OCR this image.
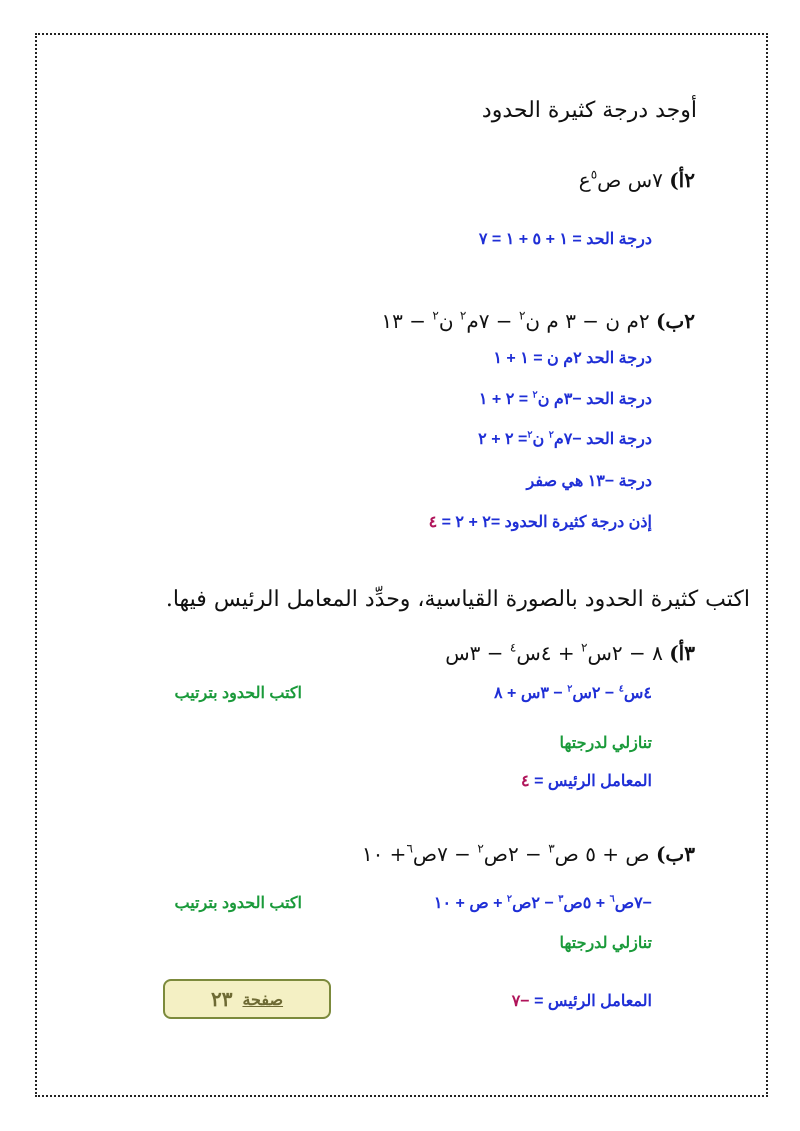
أوجد درجة كثيرة الحدود
٢أ) ٧س ص$^٥$ع
درجة الحد = ١ + ٥ + ١ = ٧
٢ب) ٢م ن − ٣ م ن$^٢$ − ٧م$^٢$ ن$^٢$ − ١٣
درجة الحد ٢م ن = ١ + ١
درجة الحد −٣م ن$^٢$ = ٢ + ١
درجة الحد −٧م$^٢$ ن$^٢$= ٢ + ٢
درجة −١٣ هي صفر
إذن درجة كثيرة الحدود =٢ + ٢ = ٤
اكتب كثيرة الحدود بالصورة القياسية، وحدِّد المعامل الرئيس فيها.
٣أ) ٨ − ٢س$^٢$ + ٤س$^٤$ − ٣س
٤س$^٤$ − ٢س$^٢$ − ٣س + ٨
اكتب الحدود بترتيب
تنازلي لدرجتها
المعامل الرئيس = ٤
٣ب) ص + ٥ ص$^٣$ − ٢ص$^٢$ − ٧ص$^٦$+ ١٠
−٧ص$^٦$ + ٥ص$^٣$ − ٢ص$^٢$ + ص + ١٠
اكتب الحدود بترتيب
تنازلي لدرجتها
المعامل الرئيس = −٧
صفحة
٢٣
